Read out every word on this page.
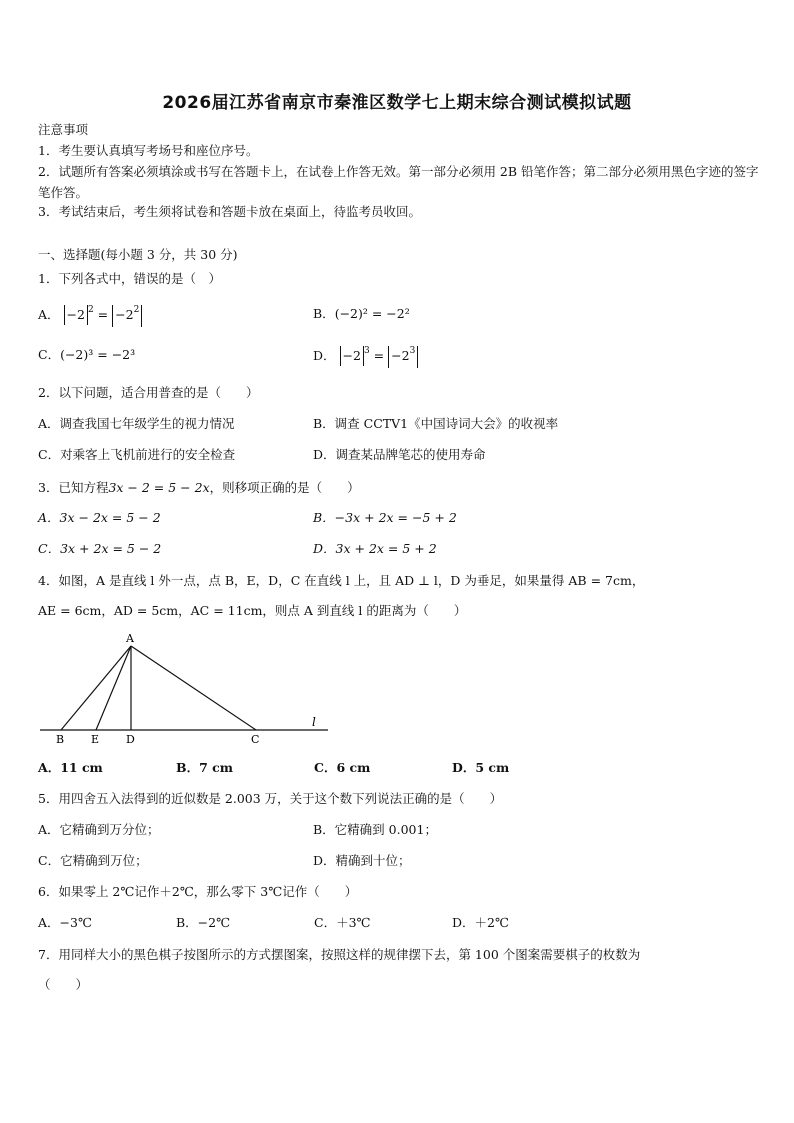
2026届江苏省南京市秦淮区数学七上期末综合测试模拟试题
注意事项
1．考生要认真填写考场号和座位序号。
2．试题所有答案必须填涂或书写在答题卡上，在试卷上作答无效。第一部分必须用 2B 铅笔作答；第二部分必须用黑色字迹的签字笔作答。
3．考试结束后，考生须将试卷和答题卡放在桌面上，待监考员收回。
一、选择题(每小题 3 分，共 30 分)
1．下列各式中，错误的是（　）
A． −2 $^2 = -2^2$	B．(−2)² = −2²
C．(−2)³ = −2³	D． −2 $^3 = -2^3$
2．以下问题，适合用普查的是（　　）
A．调查我国七年级学生的视力情况	B．调查 CCTV1《中国诗词大会》的收视率
C．对乘客上飞机前进行的安全检查	D．调查某品牌笔芯的使用寿命
3．已知方程3x − 2 = 5 − 2x，则移项正确的是（　　）
A．3x − 2x = 5 − 2	B．−3x + 2x = −5 + 2
C．3x + 2x = 5 − 2	D．3x + 2x = 5 + 2
4．如图，A 是直线 l 外一点，点 B，E，D，C 在直线 l 上，且 AD ⊥ l，D 为垂足，如果量得 AB = 7cm，
AE = 6cm，AD = 5cm，AC = 11cm，则点 A 到直线 l 的距离为（　　）
A
B E D	C
l
A．11 cm	B．7 cm	C．6 cm	D．5 cm
5．用四舍五入法得到的近似数是 2.003 万，关于这个数下列说法正确的是（　　）
A．它精确到万分位；	B．它精确到 0.001；
C．它精确到万位；	D．精确到十位；
6．如果零上 2℃记作＋2℃，那么零下 3℃记作（　　）
A．−3℃	B．−2℃	C．＋3℃	D．＋2℃
7．用同样大小的黑色棋子按图所示的方式摆图案，按照这样的规律摆下去，第 100 个图案需要棋子的枚数为
（　　）
